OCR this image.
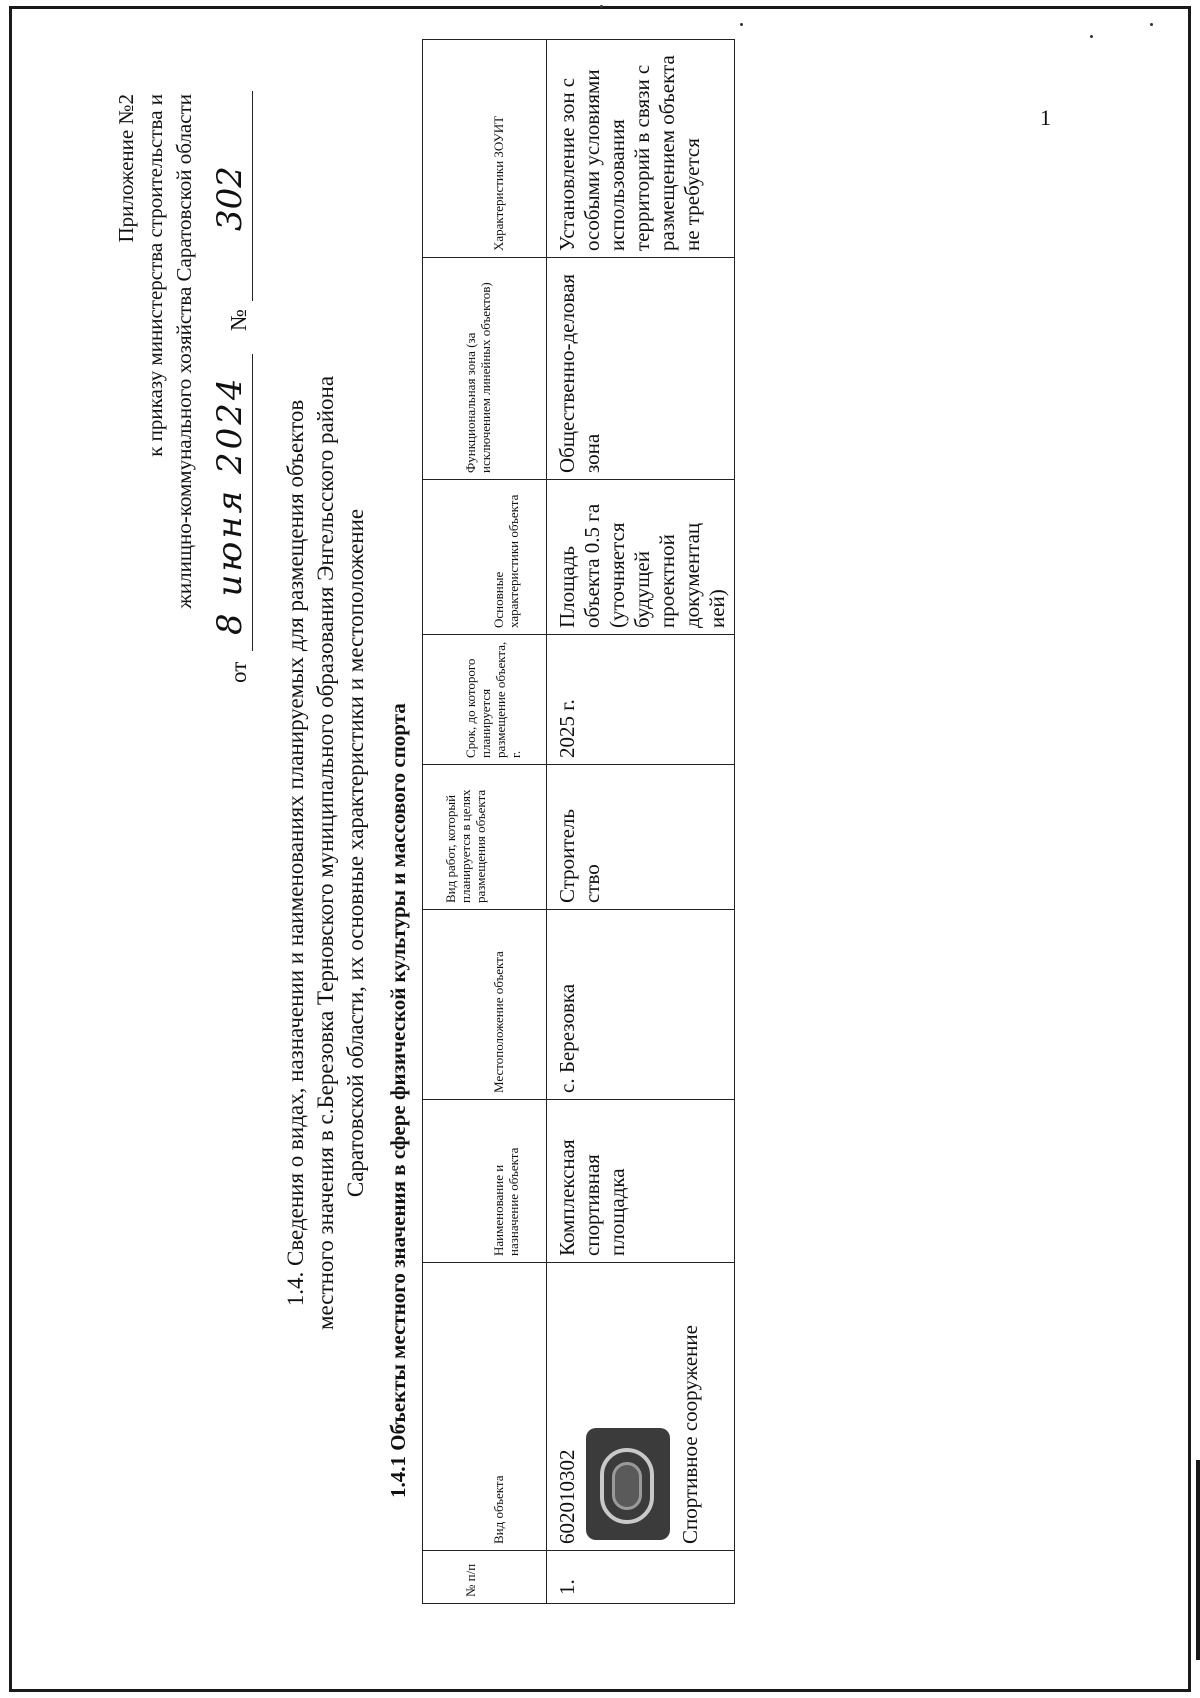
Приложение №2 к приказу министерства строительства и жилищно-коммунального хозяйства Саратовской области
от
8 июня 2024
№
302
1.4. Сведения о видах, назначении и наименованиях планируемых для размещения объектов местного значения в с.Березовка Терновского муниципального образования Энгельсского района Саратовской области, их основные характеристики и местоположение 1.4.1 Объекты местного значения в сфере физической культуры и массового спорта
№ п/п	Вид объекта	Наименование и назначение объекта	Местоположение объекта	Вид работ, который планируется в целях размещения объекта	Срок, до которого планируется размещение объекта, г.	Основные характеристики объекта	Функциональная зона (за исключением линейных объектов)	Характеристики ЗОУИТ
1.	602010302 Спортивное сооружение	Комплексная спортивная площадка	с. Березовка	Строитель ство	2025 г.	Площадь объекта 0.5 га (уточняется будущей проектной документац ией)	Общественно-деловая зона	Установление зон с особыми условиями использования территорий в связи с размещением объекта не требуется
1
